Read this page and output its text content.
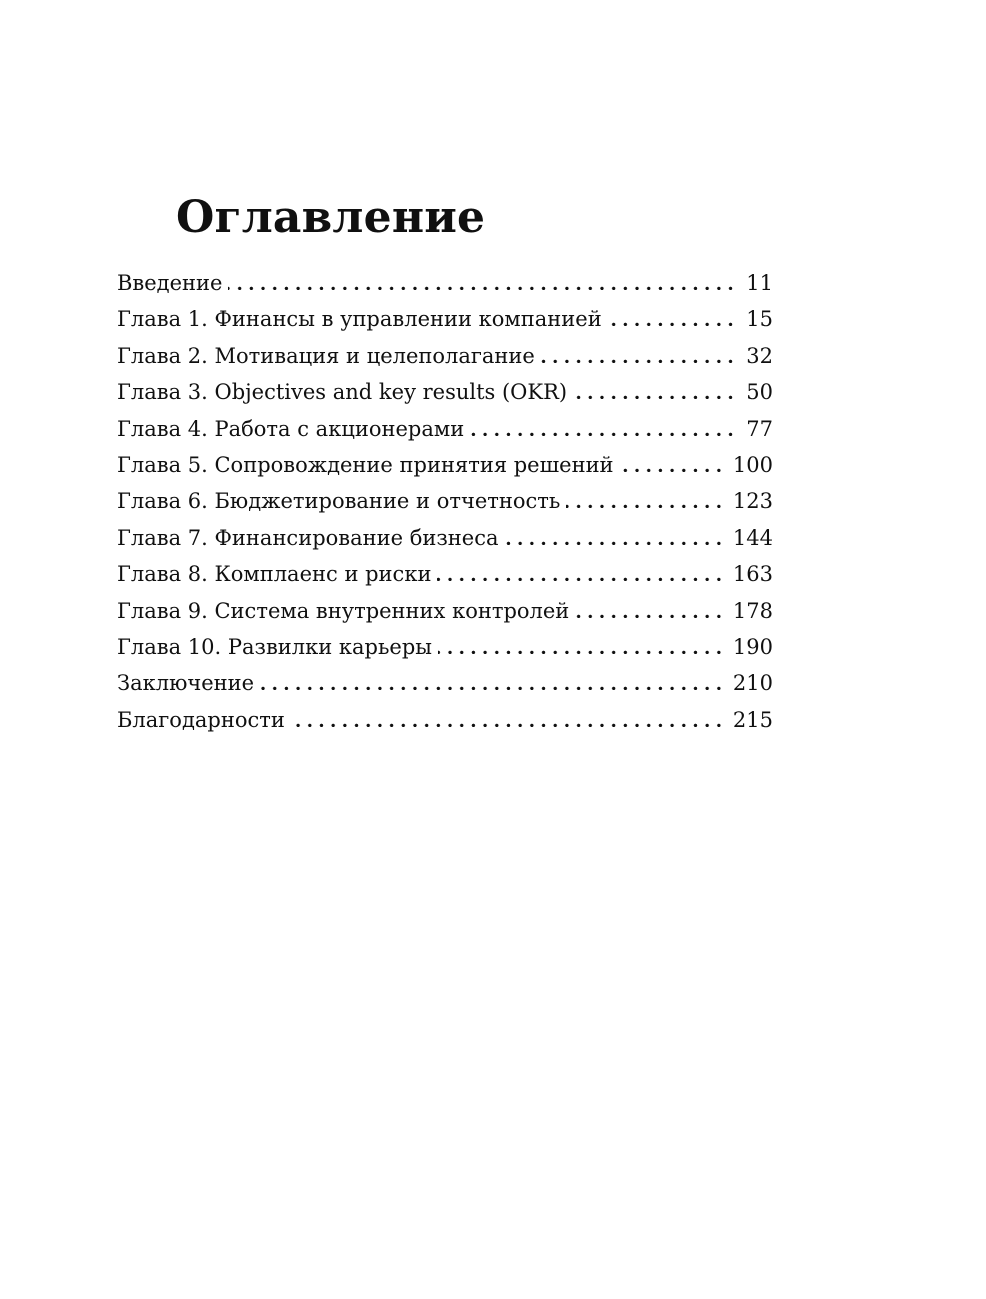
Оглавление
Введение	11
Глава 1. Финансы в управлении компанией	15
Глава 2. Мотивация и целеполагание	32
Глава 3. Objectives and key results (OKR)	50
Глава 4. Работа с акционерами	77
Глава 5. Сопровождение принятия решений	100
Глава 6. Бюджетирование и отчетность	123
Глава 7. Финансирование бизнеса	144
Глава 8. Комплаенс и риски	163
Глава 9. Система внутренних контролей	178
Глава 10. Развилки карьеры	190
Заключение	210
Благодарности	215
